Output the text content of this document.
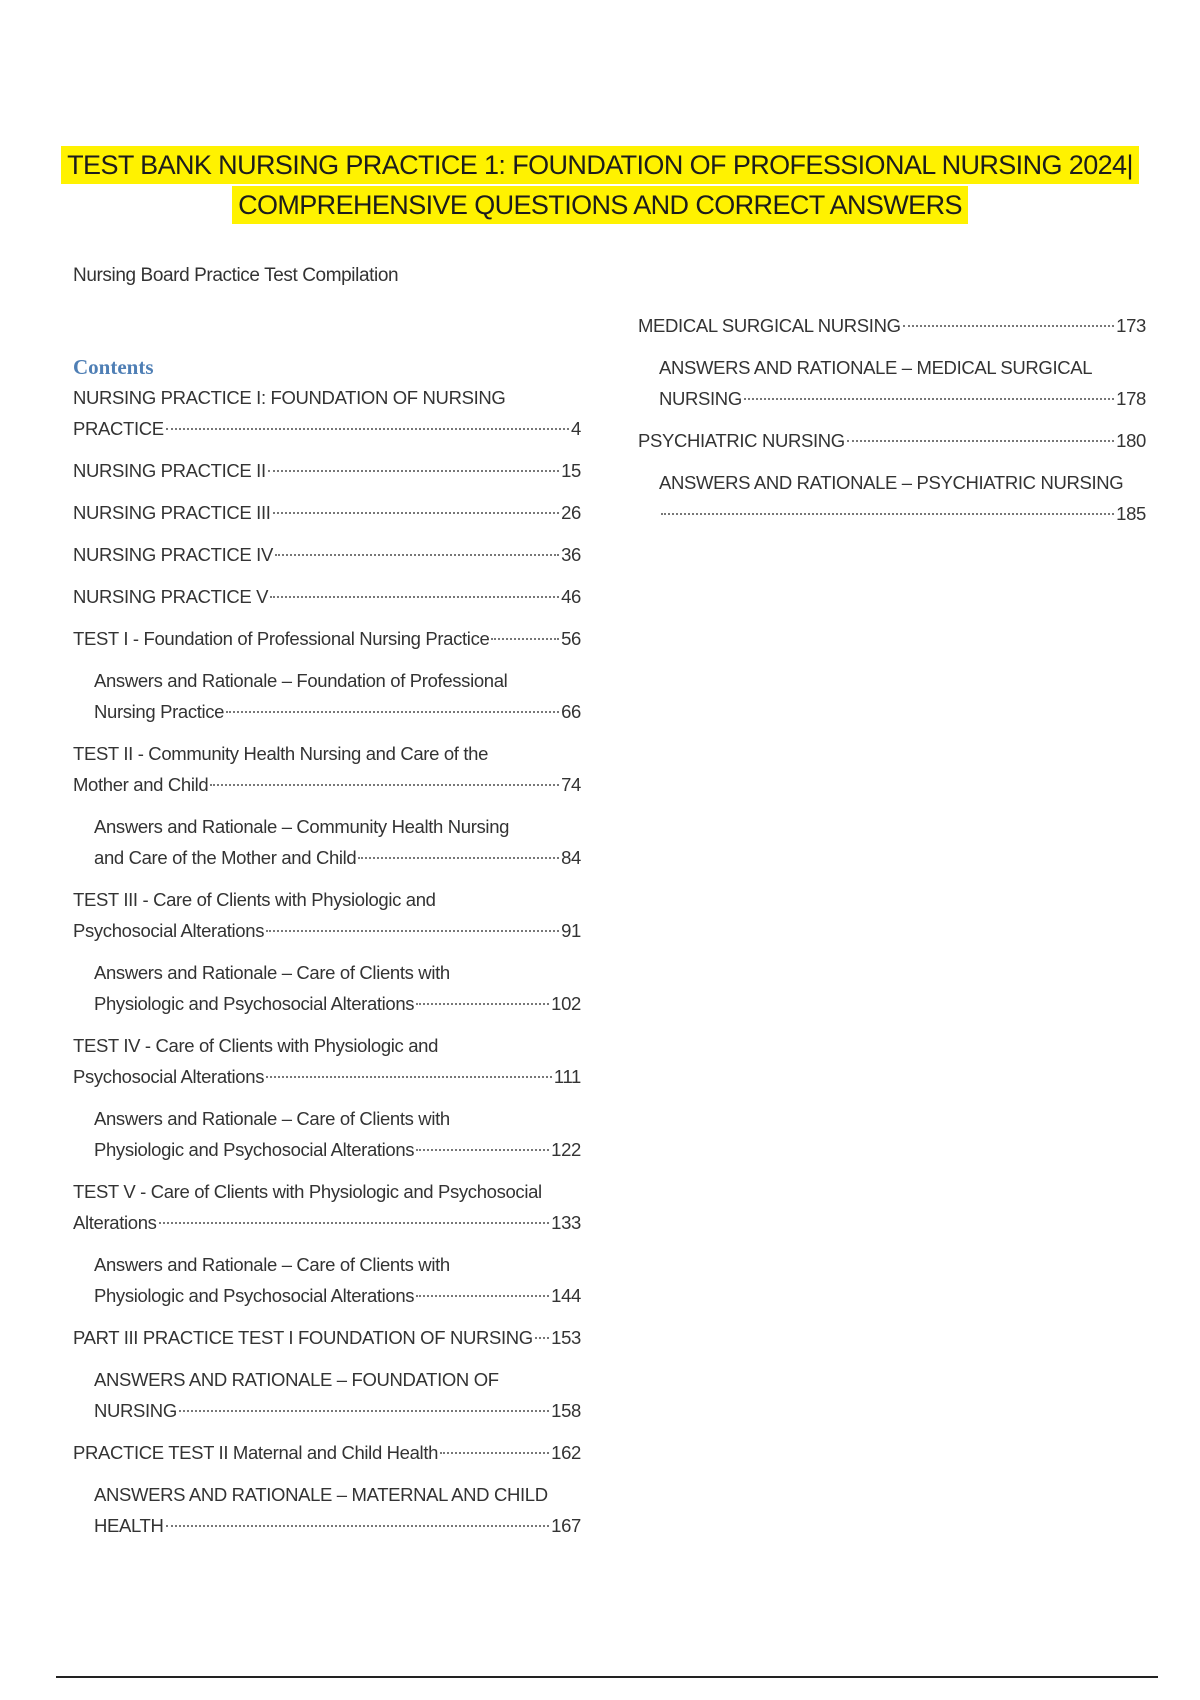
TEST BANK NURSING PRACTICE 1: FOUNDATION OF PROFESSIONAL NURSING 2024|
COMPREHENSIVE QUESTIONS AND CORRECT ANSWERS
Nursing Board Practice Test Compilation
Contents
NURSING PRACTICE I: FOUNDATION OF NURSING
PRACTICE	4
NURSING PRACTICE II	15
NURSING PRACTICE III	26
NURSING PRACTICE IV	36
NURSING PRACTICE V	46
TEST I - Foundation of Professional Nursing Practice	56
Answers and Rationale – Foundation of Professional
Nursing Practice	66
TEST II - Community Health Nursing and Care of the
Mother and Child	74
Answers and Rationale – Community Health Nursing
and Care of the Mother and Child	84
TEST III - Care of Clients with Physiologic and
Psychosocial Alterations	91
Answers and Rationale – Care of Clients with
Physiologic and Psychosocial Alterations	102
TEST IV - Care of Clients with Physiologic and
Psychosocial Alterations	111
Answers and Rationale – Care of Clients with
Physiologic and Psychosocial Alterations	122
TEST V - Care of Clients with Physiologic and Psychosocial
Alterations	133
Answers and Rationale – Care of Clients with
Physiologic and Psychosocial Alterations	144
PART III PRACTICE TEST I FOUNDATION OF NURSING 153
ANSWERS AND RATIONALE – FOUNDATION OF
NURSING	158
PRACTICE TEST II Maternal and Child Health	162
ANSWERS AND RATIONALE – MATERNAL AND CHILD
HEALTH	167
MEDICAL SURGICAL NURSING	173
ANSWERS AND RATIONALE – MEDICAL SURGICAL
NURSING	178
PSYCHIATRIC NURSING	180
ANSWERS AND RATIONALE – PSYCHIATRIC NURSING
185
